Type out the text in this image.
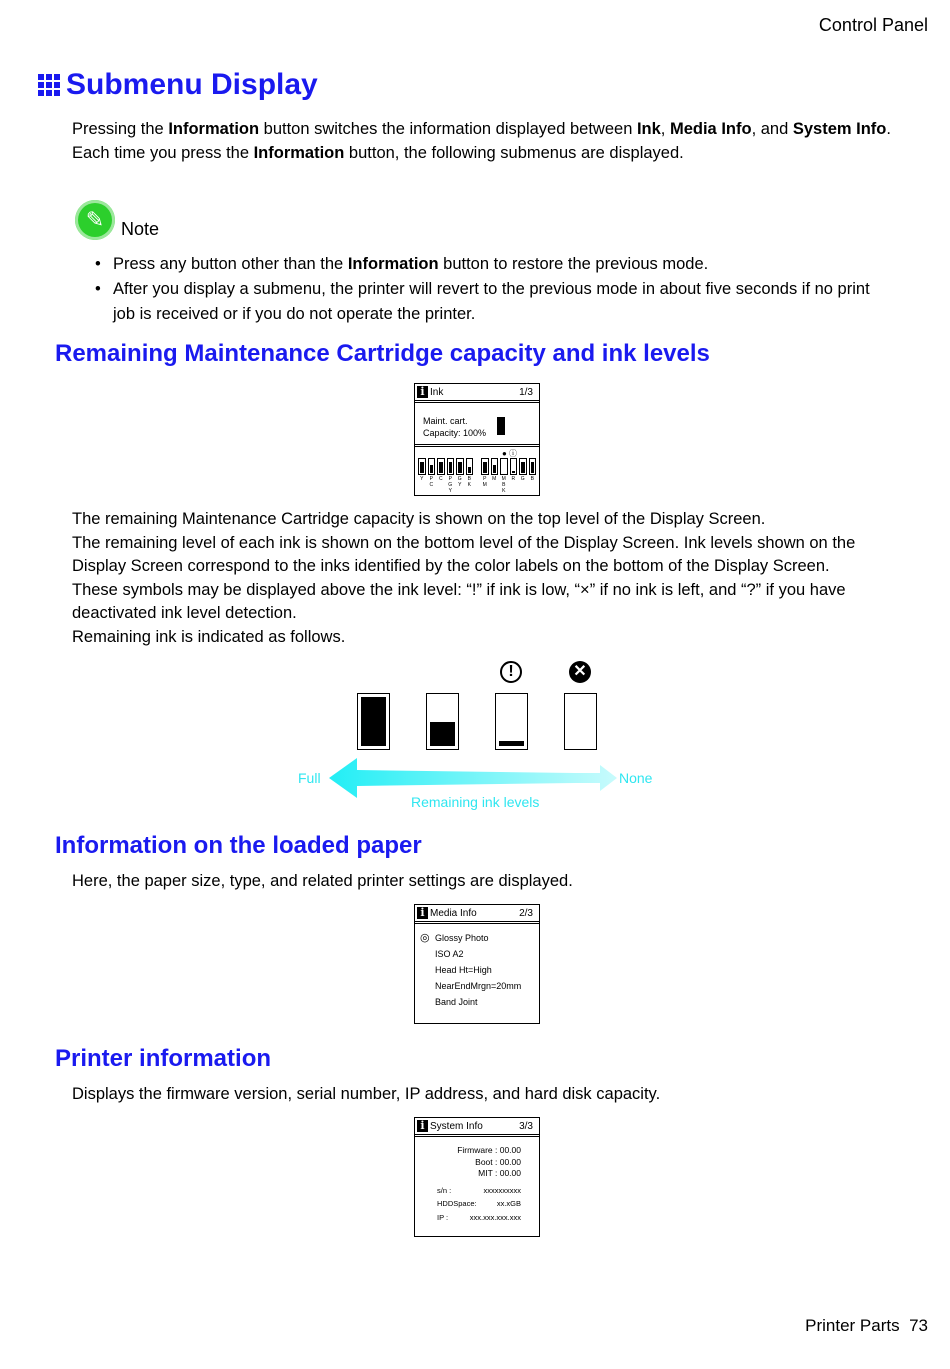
Control Panel
Submenu Display
Pressing the Information button switches the information displayed between Ink, Media Info, and System Info.
Each time you press the Information button, the following submenus are displayed.
✎ Note
• Press any button other than the Information button to restore the previous mode.
• After you display a submenu, the printer will revert to the previous mode in about five seconds if no print job is received or if you do not operate the printer.
Remaining Maintenance Cartridge capacity and ink levels
i Ink	1/3
Maint. cart.
Capacity: 100%
● ⓘ
Y	P
C
C	P
G
Y
G
Y
B
K
P
M
M	M
B
K
R	G	B

The remaining Maintenance Cartridge capacity is shown on the top level of the Display Screen.
The remaining level of each ink is shown on the bottom level of the Display Screen. Ink levels shown on the Display Screen correspond to the inks identified by the color labels on the bottom of the Display Screen.
These symbols may be displayed above the ink level: “!” if ink is low, “×” if no ink is left, and “?” if you have deactivated ink level detection.
Remaining ink is indicated as follows.
!	✕
Full	None
Remaining ink levels
Information on the loaded paper
Here, the paper size, type, and related printer settings are displayed.
i Media Info	2/3
◎ Glossy Photo
ISO A2
Head Ht=High
NearEndMrgn=20mm
Band Joint
Printer information
Displays the firmware version, serial number, IP address, and hard disk capacity.
i System Info	3/3
Firmware : 00.00
Boot : 00.00
MIT : 00.00
s/n :	xxxxxxxxxx
HDDSpace:	xx.xGB
IP :	xxx.xxx.xxx.xxx
Printer Parts 73
